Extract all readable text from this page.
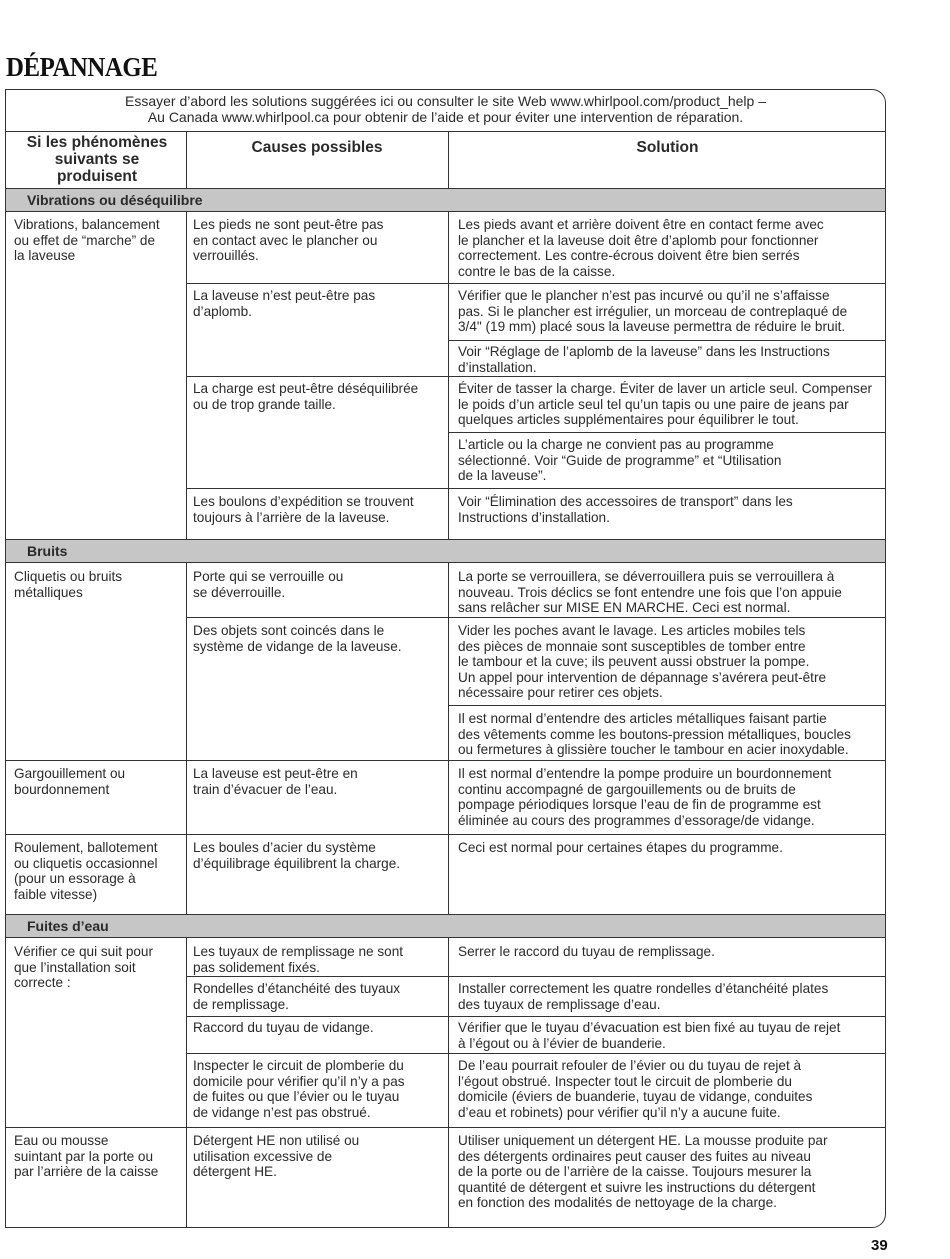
DÉPANNAGE
Essayer d’abord les solutions suggérées ici ou consulter le site Web www.whirlpool.com/product_help –
Au Canada www.whirlpool.ca pour obtenir de l’aide et pour éviter une intervention de réparation.
Si les phénomènes suivants se produisent
Causes possibles	Solution
Vibrations ou déséquilibre
Vibrations, balancement
ou effet de “marche” de
la laveuse
Les pieds ne sont peut-être pas
en contact avec le plancher ou
verrouillés.
Les pieds avant et arrière doivent être en contact ferme avec
le plancher et la laveuse doit être d’aplomb pour fonctionner
correctement. Les contre-écrous doivent être bien serrés
contre le bas de la caisse.
La laveuse n’est peut-être pas
d’aplomb.
Vérifier que le plancher n’est pas incurvé ou qu’il ne s’affaisse
pas. Si le plancher est irrégulier, un morceau de contreplaqué de
3/4" (19 mm) placé sous la laveuse permettra de réduire le bruit.
Voir “Réglage de l’aplomb de la laveuse” dans les Instructions
d’installation.
La charge est peut-être déséquilibrée
ou de trop grande taille.
Éviter de tasser la charge. Éviter de laver un article seul. Compenser
le poids d’un article seul tel qu’un tapis ou une paire de jeans par
quelques articles supplémentaires pour équilibrer le tout.
L’article ou la charge ne convient pas au programme
sélectionné. Voir “Guide de programme” et “Utilisation
de la laveuse”.
Les boulons d’expédition se trouvent
toujours à l’arrière de la laveuse.
Voir “Élimination des accessoires de transport” dans les
Instructions d’installation.
Bruits
Cliquetis ou bruits
métalliques
Porte qui se verrouille ou
se déverrouille.
La porte se verrouillera, se déverrouillera puis se verrouillera à
nouveau. Trois déclics se font entendre une fois que l’on appuie
sans relâcher sur MISE EN MARCHE. Ceci est normal.
Des objets sont coincés dans le
système de vidange de la laveuse.
Vider les poches avant le lavage. Les articles mobiles tels
des pièces de monnaie sont susceptibles de tomber entre
le tambour et la cuve; ils peuvent aussi obstruer la pompe.
Un appel pour intervention de dépannage s’avérera peut-être
nécessaire pour retirer ces objets.
Il est normal d’entendre des articles métalliques faisant partie
des vêtements comme les boutons-pression métalliques, boucles
ou fermetures à glissière toucher le tambour en acier inoxydable.
Gargouillement ou
bourdonnement
La laveuse est peut-être en
train d’évacuer de l’eau.
Il est normal d’entendre la pompe produire un bourdonnement
continu accompagné de gargouillements ou de bruits de
pompage périodiques lorsque l’eau de fin de programme est
éliminée au cours des programmes d’essorage/de vidange.
Roulement, ballotement
ou cliquetis occasionnel
(pour un essorage à
faible vitesse)
Les boules d’acier du système
d’équilibrage équilibrent la charge.
Ceci est normal pour certaines étapes du programme.
Fuites d’eau
Vérifier ce qui suit pour
que l’installation soit
correcte :
Les tuyaux de remplissage ne sont
pas solidement fixés.
Serrer le raccord du tuyau de remplissage.
Rondelles d’étanchéité des tuyaux
de remplissage.
Installer correctement les quatre rondelles d’étanchéité plates
des tuyaux de remplissage d’eau.
Raccord du tuyau de vidange.	Vérifier que le tuyau d’évacuation est bien fixé au tuyau de rejet
à l’égout ou à l’évier de buanderie.
Inspecter le circuit de plomberie du
domicile pour vérifier qu’il n’y a pas
de fuites ou que l’évier ou le tuyau
de vidange n’est pas obstrué.
De l’eau pourrait refouler de l’évier ou du tuyau de rejet à
l’égout obstrué. Inspecter tout le circuit de plomberie du
domicile (éviers de buanderie, tuyau de vidange, conduites
d’eau et robinets) pour vérifier qu’il n’y a aucune fuite.
Eau ou mousse
suintant par la porte ou
par l’arrière de la caisse
Détergent HE non utilisé ou
utilisation excessive de
détergent HE.
Utiliser uniquement un détergent HE. La mousse produite par
des détergents ordinaires peut causer des fuites au niveau
de la porte ou de l’arrière de la caisse. Toujours mesurer la
quantité de détergent et suivre les instructions du détergent
en fonction des modalités de nettoyage de la charge.
39
